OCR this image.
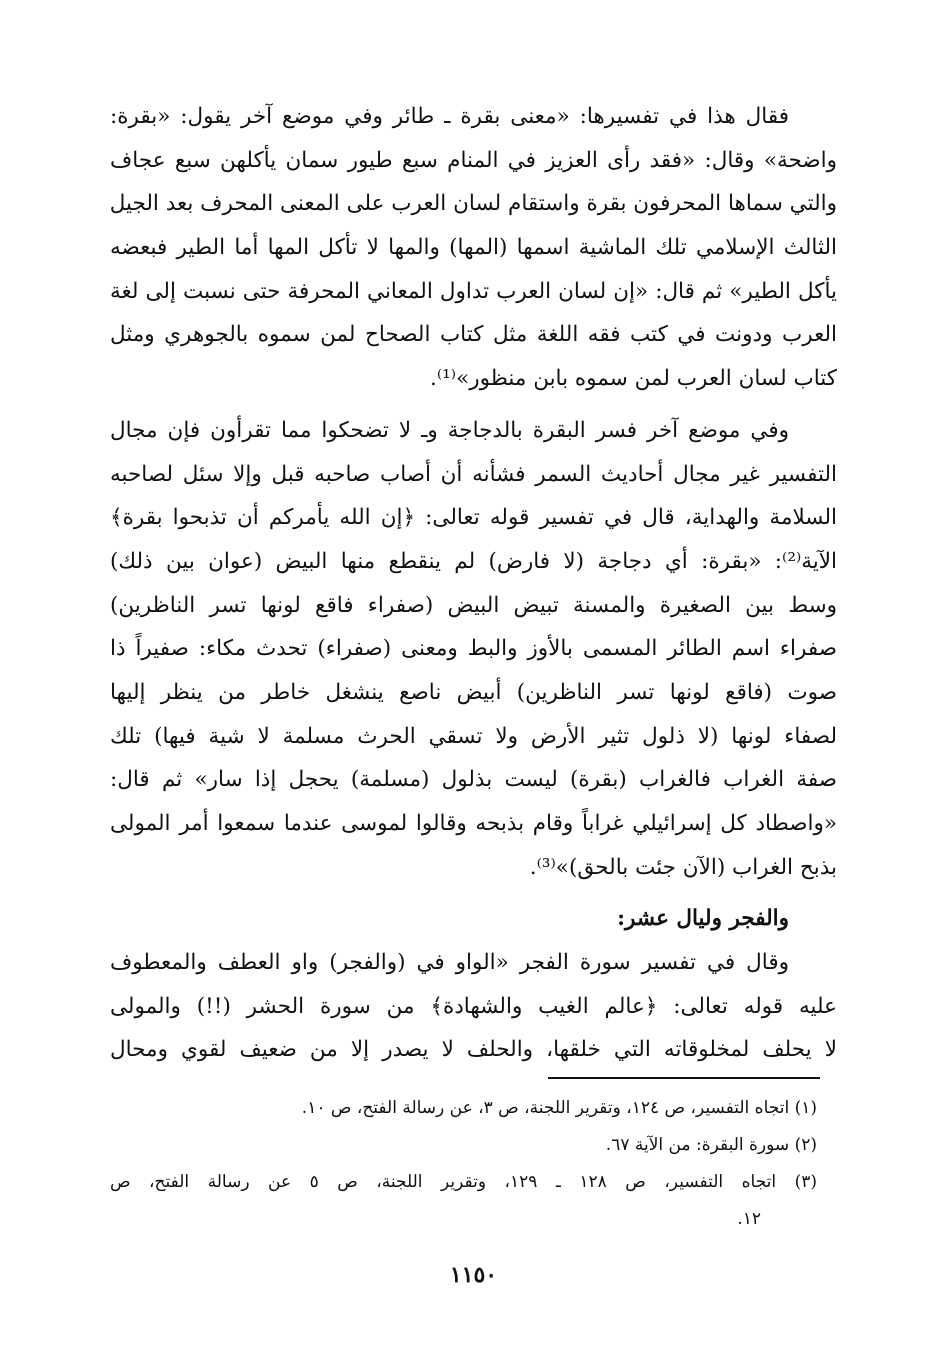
فقال هذا في تفسيرها: «معنى بقرة ـ طائر وفي موضع آخر يقول: «بقرة:
واضحة» وقال: «فقد رأى العزيز في المنام سبع طيور سمان يأكلهن سبع عجاف
والتي سماها المحرفون بقرة واستقام لسان العرب على المعنى المحرف بعد الجيل
الثالث الإسلامي تلك الماشية اسمها (المها) والمها لا تأكل المها أما الطير فبعضه
يأكل الطير» ثم قال: «إن لسان العرب تداول المعاني المحرفة حتى نسبت إلى لغة
العرب ودونت في كتب فقه اللغة مثل كتاب الصحاح لمن سموه بالجوهري ومثل
كتاب لسان العرب لمن سموه بابن منظور»⁽¹⁾.
وفي موضع آخر فسر البقرة بالدجاجة وـ لا تضحكوا مما تقرأون فإن مجال
التفسير غير مجال أحاديث السمر فشأنه أن أصاب صاحبه قبل وإلا سئل لصاحبه
السلامة والهداية، قال في تفسير قوله تعالى: ﴿إن الله يأمركم أن تذبحوا بقرة﴾
الآية⁽²⁾: «بقرة: أي دجاجة (لا فارض) لم ينقطع منها البيض (عوان بين ذلك)
وسط بين الصغيرة والمسنة تبيض البيض (صفراء فاقع لونها تسر الناظرين)
صفراء اسم الطائر المسمى بالأوز والبط ومعنى (صفراء) تحدث مكاء: صفيراً ذا
صوت (فاقع لونها تسر الناظرين) أبيض ناصع ينشغل خاطر من ينظر إليها
لصفاء لونها (لا ذلول تثير الأرض ولا تسقي الحرث مسلمة لا شية فيها) تلك
صفة الغراب فالغراب (بقرة) ليست بذلول (مسلمة) يحجل إذا سار» ثم قال:
«واصطاد كل إسرائيلي غراباً وقام بذبحه وقالوا لموسى عندما سمعوا أمر المولى
بذبح الغراب (الآن جئت بالحق)»⁽³⁾.
والفجر وليال عشر:
وقال في تفسير سورة الفجر «الواو في (والفجر) واو العطف والمعطوف
عليه قوله تعالى: ﴿عالم الغيب والشهادة﴾ من سورة الحشر (!!) والمولى
لا يحلف لمخلوقاته التي خلقها، والحلف لا يصدر إلا من ضعيف لقوي ومحال
(١) اتجاه التفسير، ص ١٢٤، وتقرير اللجنة، ص ٣، عن رسالة الفتح، ص ١٠.
(٢) سورة البقرة: من الآية ٦٧.
(٣) اتجاه التفسير، ص ١٢٨ ـ ١٢٩، وتقرير اللجنة، ص ٥ عن رسالة الفتح، ص
١٢.
١١٥٠
